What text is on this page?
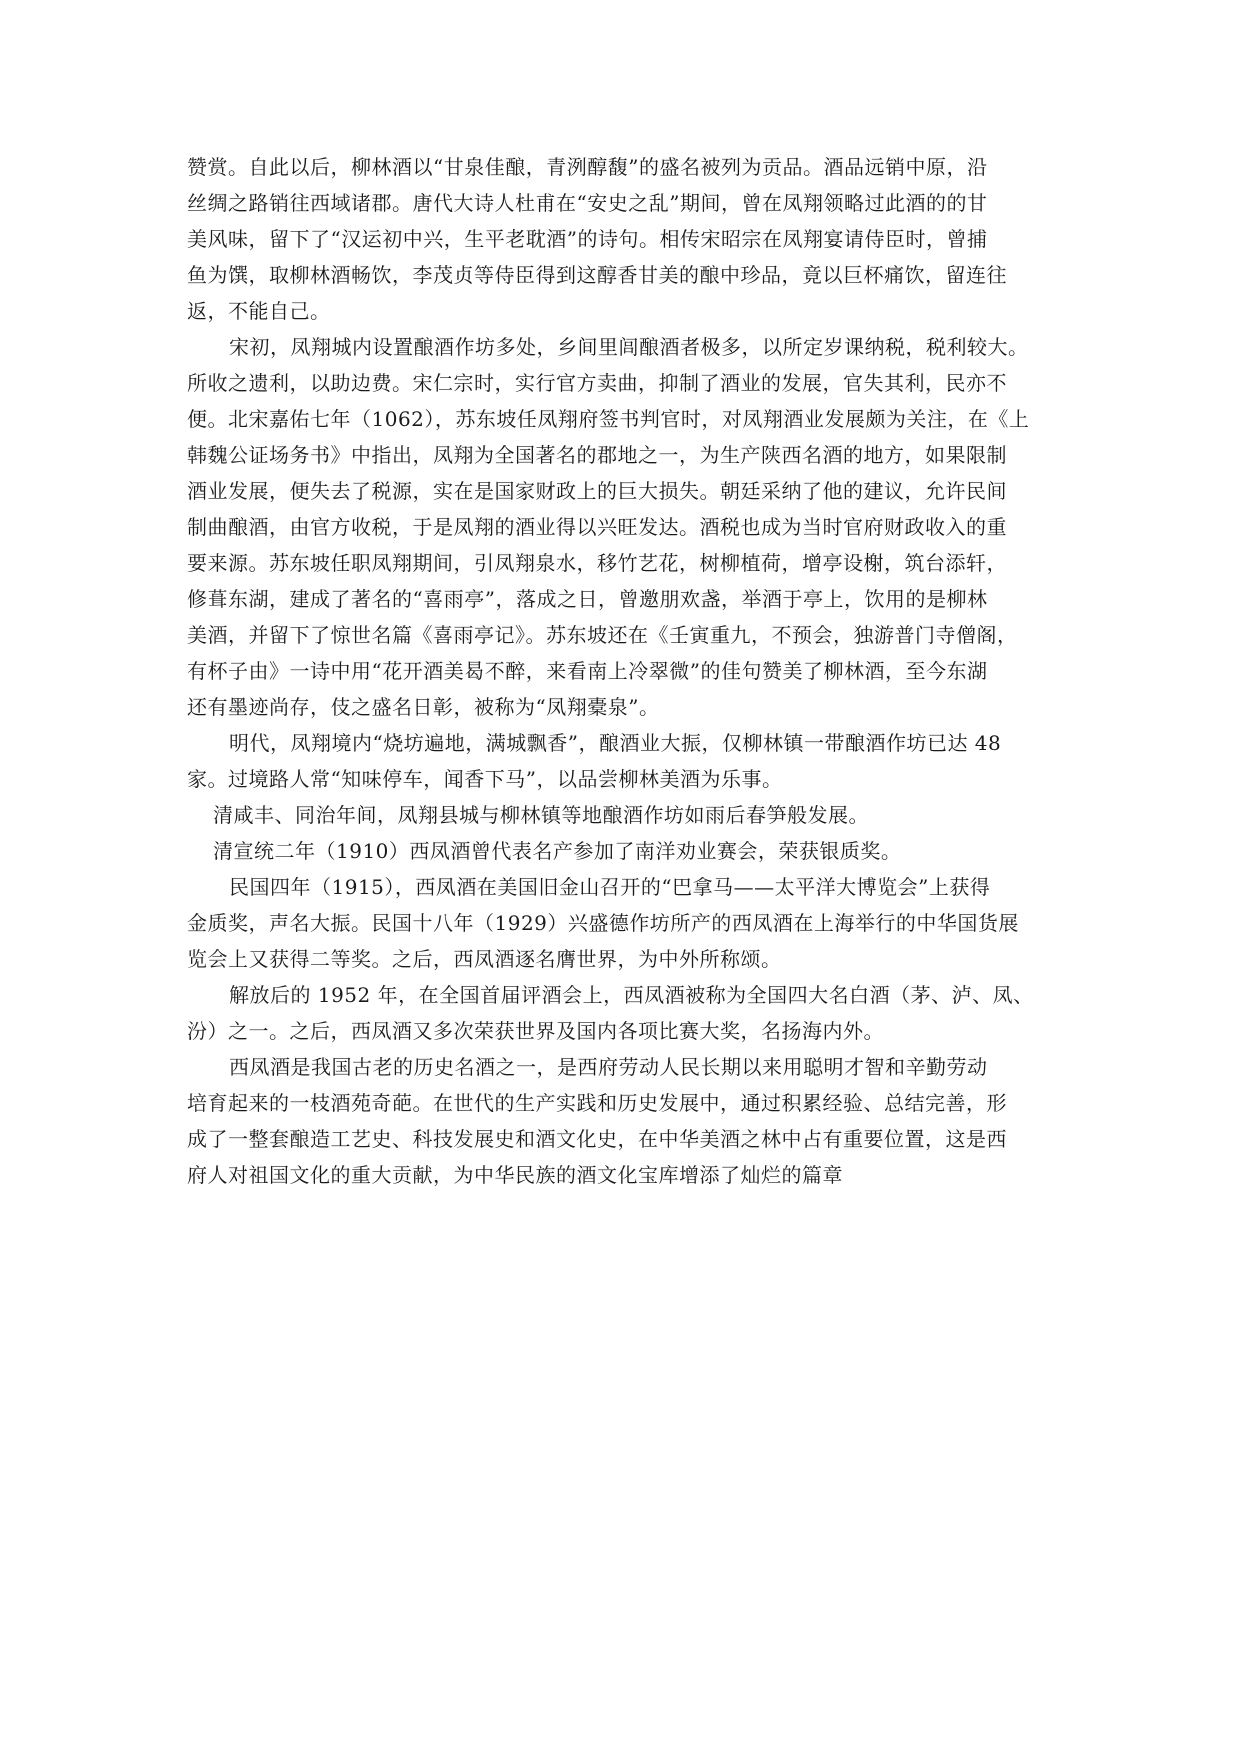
赞赏。自此以后，柳林酒以“甘泉佳酿，青洌醇馥”的盛名被列为贡品。酒品远销中原，沿
丝绸之路销往西域诸郡。唐代大诗人杜甫在“安史之乱”期间，曾在凤翔领略过此酒的的甘
美风味，留下了“汉运初中兴，生平老耽酒”的诗句。相传宋昭宗在凤翔宴请侍臣时，曾捕
鱼为馔，取柳林酒畅饮，李茂贞等侍臣得到这醇香甘美的酿中珍品，竟以巨杯痛饮，留连往
返，不能自己。
宋初，凤翔城内设置酿酒作坊多处，乡间里闾酿酒者极多，以所定岁课纳税，税利较大。
所收之遗利，以助边费。宋仁宗时，实行官方卖曲，抑制了酒业的发展，官失其利，民亦不
便。北宋嘉佑七年（1062），苏东坡任凤翔府签书判官时，对凤翔酒业发展颇为关注，在《上
韩魏公证场务书》中指出，凤翔为全国著名的郡地之一，为生产陕西名酒的地方，如果限制
酒业发展，便失去了税源，实在是国家财政上的巨大损失。朝廷采纳了他的建议，允许民间
制曲酿酒，由官方收税，于是凤翔的酒业得以兴旺发达。酒税也成为当时官府财政收入的重
要来源。苏东坡任职凤翔期间，引凤翔泉水，移竹艺花，树柳植荷，增亭设榭，筑台添轩，
修葺东湖，建成了著名的“喜雨亭”，落成之日，曾邀朋欢盏，举酒于亭上，饮用的是柳林
美酒，并留下了惊世名篇《喜雨亭记》。苏东坡还在《壬寅重九，不预会，独游普门寺僧阁，
有杯子由》一诗中用“花开酒美曷不醉，来看南上冷翠微”的佳句赞美了柳林酒，至今东湖
还有墨迹尚存，伎之盛名日彰，被称为“凤翔橐泉”。
明代，凤翔境内“烧坊遍地，满城飘香”，酿酒业大振，仅柳林镇一带酿酒作坊已达 48
家。过境路人常“知味停车，闻香下马”，以品尝柳林美酒为乐事。
清咸丰、同治年间，凤翔县城与柳林镇等地酿酒作坊如雨后春笋般发展。
清宣统二年（1910）西凤酒曾代表名产参加了南洋劝业赛会，荣获银质奖。
民国四年（1915），西凤酒在美国旧金山召开的“巴拿马——太平洋大博览会”上获得
金质奖，声名大振。民国十八年（1929）兴盛德作坊所产的西凤酒在上海举行的中华国货展
览会上又获得二等奖。之后，西凤酒逐名膺世界，为中外所称颂。
解放后的 1952 年，在全国首届评酒会上，西凤酒被称为全国四大名白酒（茅、泸、凤、
汾）之一。之后，西凤酒又多次荣获世界及国内各项比赛大奖，名扬海内外。
西凤酒是我国古老的历史名酒之一，是西府劳动人民长期以来用聪明才智和辛勤劳动
培育起来的一枝酒苑奇葩。在世代的生产实践和历史发展中，通过积累经验、总结完善，形
成了一整套酿造工艺史、科技发展史和酒文化史，在中华美酒之林中占有重要位置，这是西
府人对祖国文化的重大贡献，为中华民族的酒文化宝库增添了灿烂的篇章
